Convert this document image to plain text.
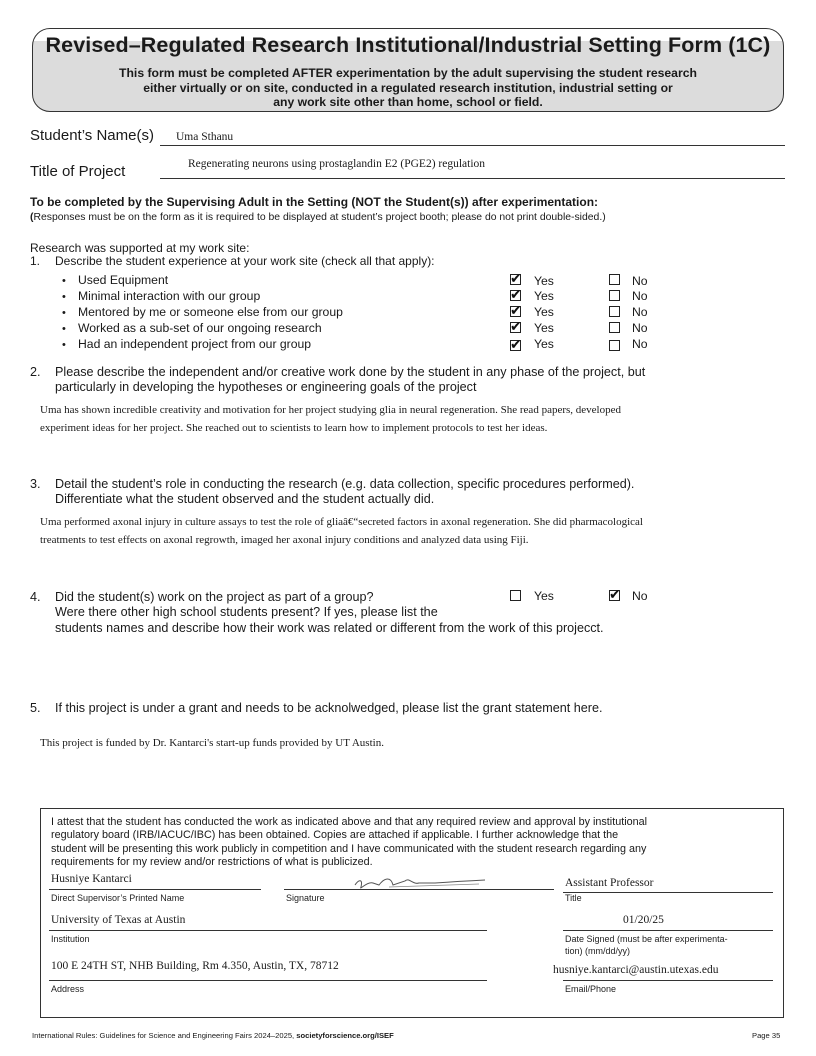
Revised–Regulated Research Institutional/Industrial Setting Form (1C)
This form must be completed AFTER experimentation by the adult supervising the student research
either virtually or on site, conducted in a regulated research institution, industrial setting or
any work site other than home, school or field.
Student’s Name(s) Uma Sthanu
Title of Project	Regenerating neurons using prostaglandin E2 (PGE2) regulation
To be completed by the Supervising Adult in the Setting (NOT the Student(s)) after experimentation:
(Responses must be on the form as it is required to be displayed at student’s project booth; please do not print double-sided.)
Research was supported at my work site:
1. Describe the student experience at your work site (check all that apply):
• Used Equipment ✔	Yes	No
• Minimal interaction with our group ✔	Yes	No
• Mentored by me or someone else from our group ✔	Yes	No
• Worked as a sub-set of our ongoing research ✔	Yes	No
• Had an independent project from our group ✔	Yes	No
2. Please describe the independent and/or creative work done by the student in any phase of the project, but
particularly in developing the hypotheses or engineering goals of the project
Uma has shown incredible creativity and motivation for her project studying glia in neural regeneration. She read papers, developed
experiment ideas for her project. She reached out to scientists to learn how to implement protocols to test her ideas.
3. Detail the student’s role in conducting the research (e.g. data collection, specific procedures performed).
Differentiate what the student observed and the student actually did.
Uma performed axonal injury in culture assays to test the role of gliaâ€“secreted factors in axonal regeneration. She did pharmacological
treatments to test effects on axonal regrowth, imaged her axonal injury conditions and analyzed data using Fiji.
4. Did the student(s) work on the project as part of a group?
Were there other high school students present? If yes, please list the
students names and describe how their work was related or different from the work of this projecct.
Yes ✔	No
5. If this project is under a grant and needs to be acknolwedged, please list the grant statement here.
This project is funded by Dr. Kantarci's start-up funds provided by UT Austin.
I attest that the student has conducted the work as indicated above and that any required review and approval by institutional
regulatory board (IRB/IACUC/IBC) has been obtained. Copies are attached if applicable. I further acknowledge that the
student will be presenting this work publicly in competition and I have communicated with the student research regarding any
requirements for my review and/or restrictions of what is publicized.
Husniye Kantarci
Direct Supervisor’s Printed Name	Signature
Assistant Professor
Title
University of Texas at Austin
Institution
01/20/25
Date Signed (must be after experimenta-
tion) (mm/dd/yy)
100 E 24TH ST, NHB Building, Rm 4.350, Austin, TX, 78712
Address
husniye.kantarci@austin.utexas.edu
Email/Phone
International Rules: Guidelines for Science and Engineering Fairs 2024–2025, societyforscience.org/ISEF	Page 35
